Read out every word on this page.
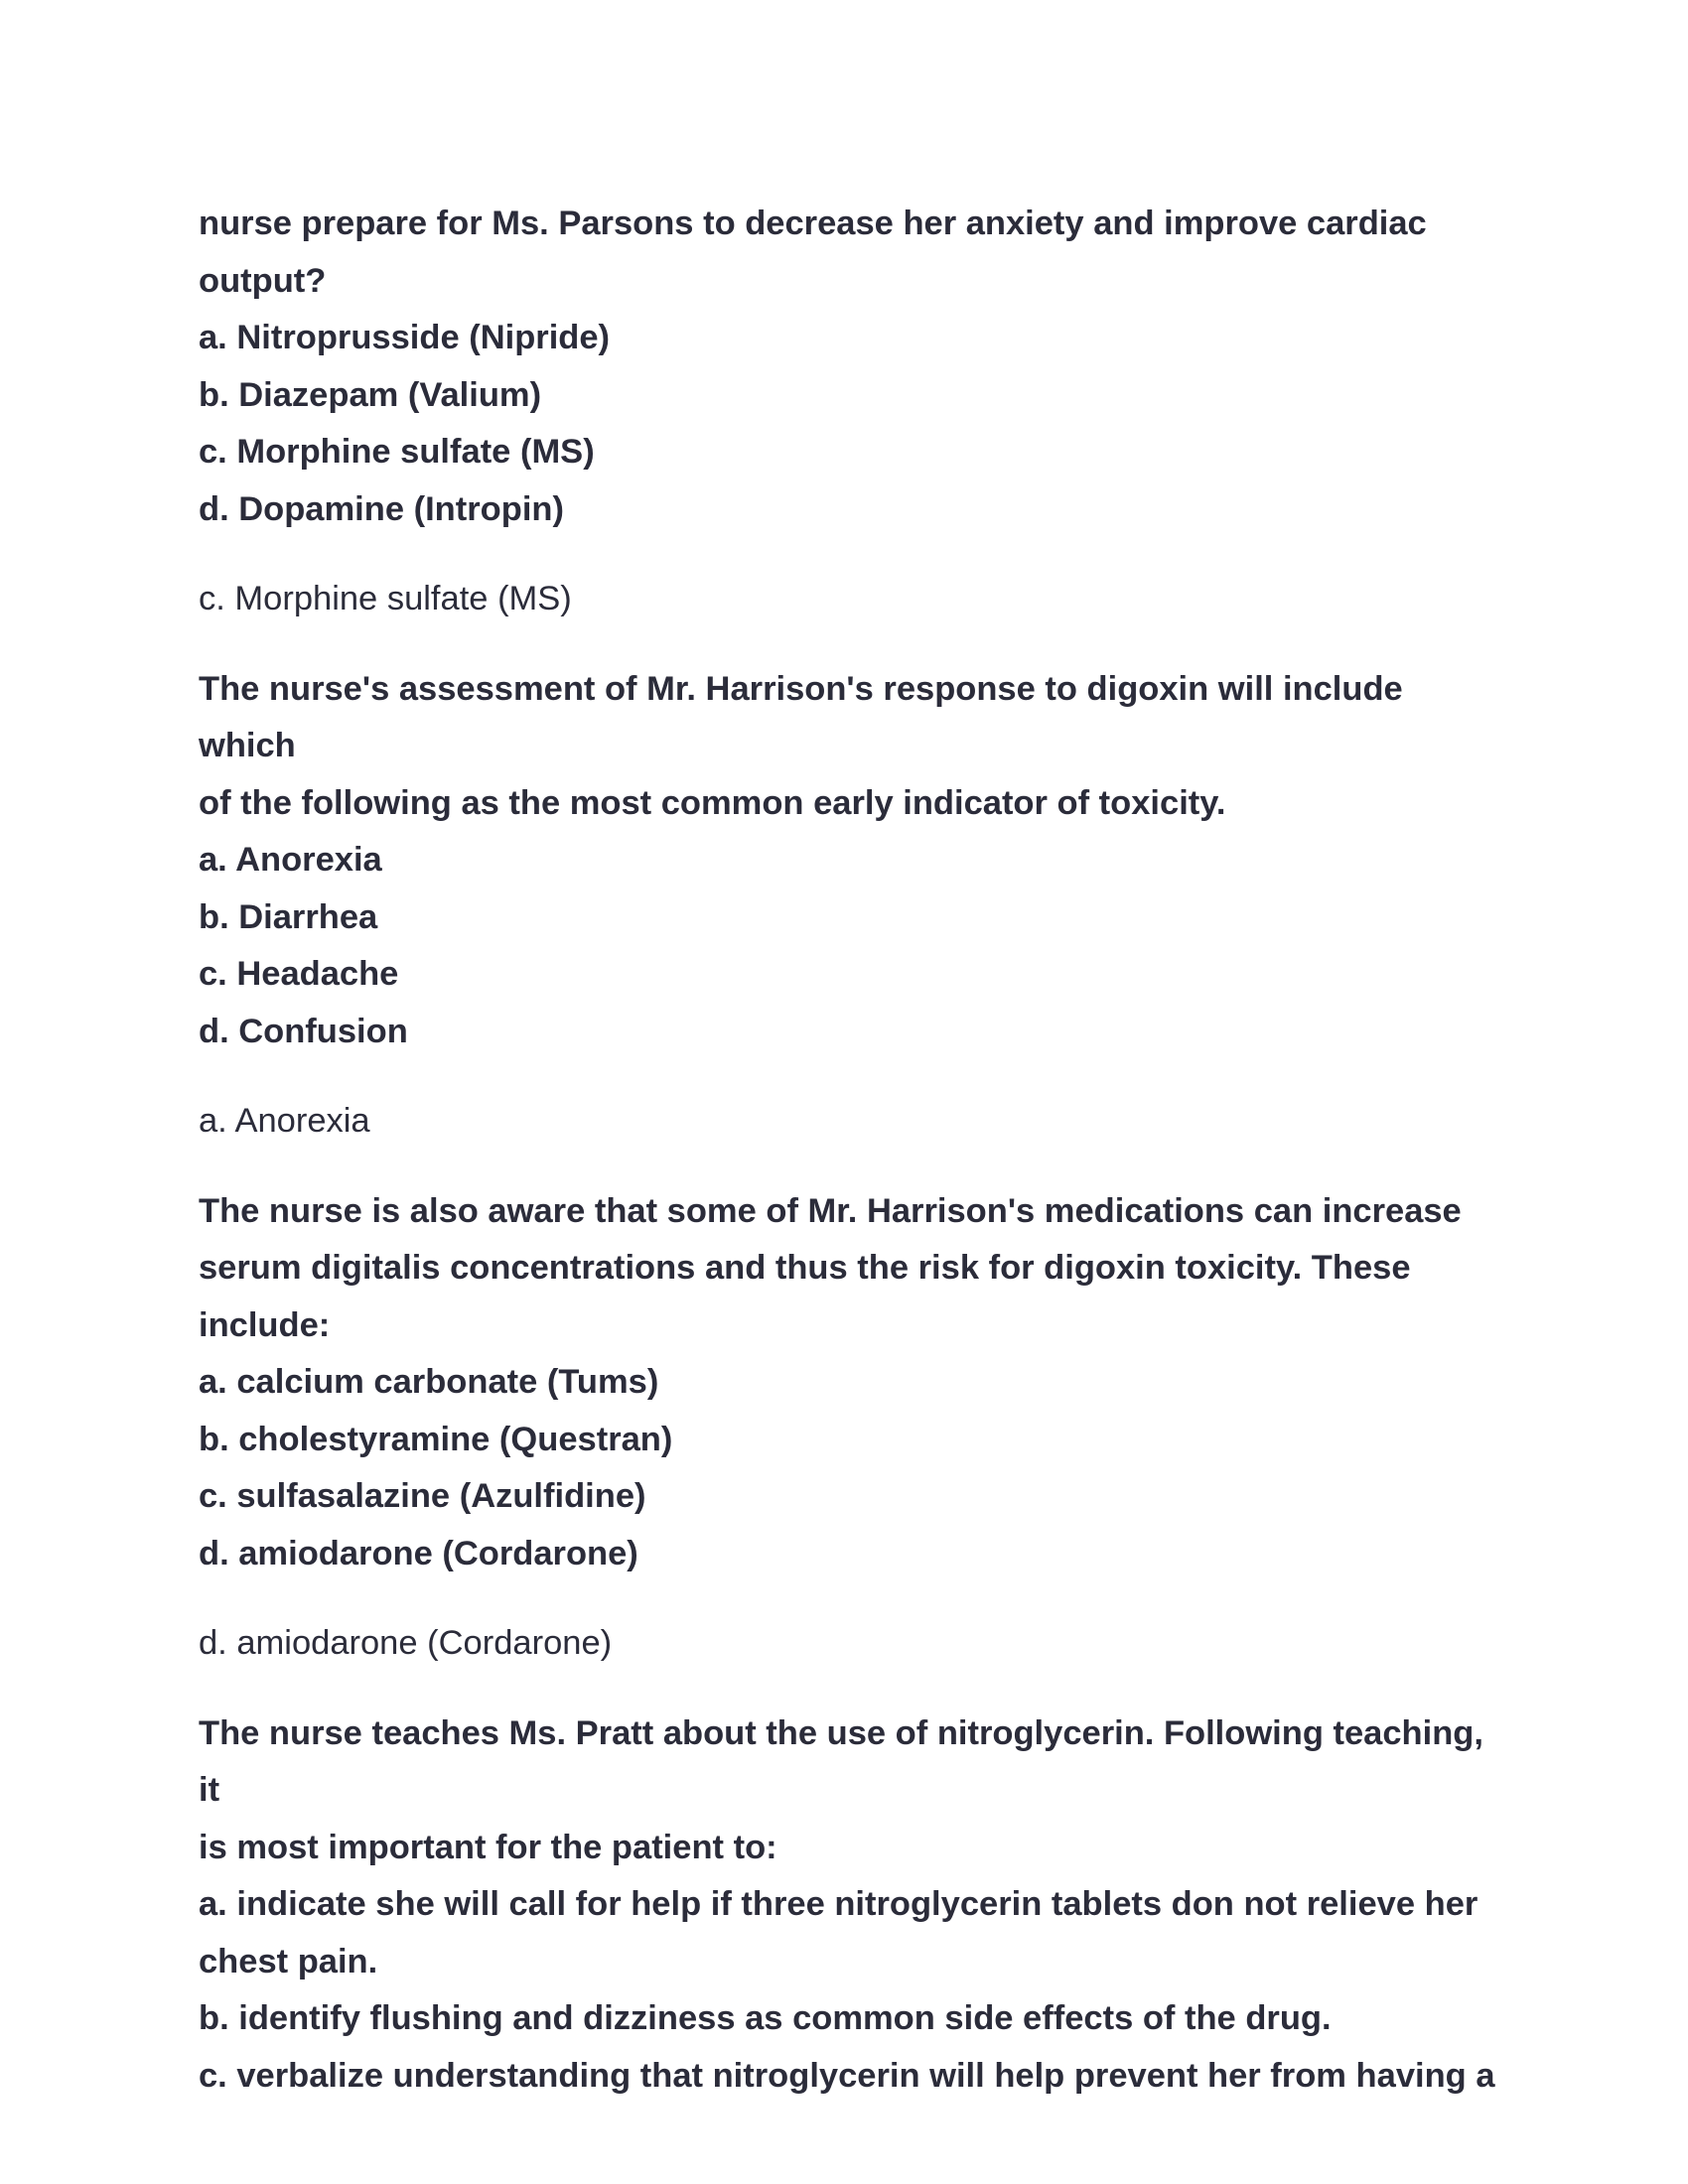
nurse prepare for Ms. Parsons to decrease her anxiety and improve cardiac

output?

a. Nitroprusside (Nipride)

b. Diazepam (Valium)

c. Morphine sulfate (MS)

d. Dopamine (Intropin)

c. Morphine sulfate (MS)

The nurse's assessment of Mr. Harrison's response to digoxin will include which

of the following as the most common early indicator of toxicity.

a. Anorexia

b. Diarrhea

c. Headache

d. Confusion

a. Anorexia

The nurse is also aware that some of Mr. Harrison's medications can increase

serum digitalis concentrations and thus the risk for digoxin toxicity. These

include:

a. calcium carbonate (Tums)

b. cholestyramine (Questran)

c. sulfasalazine (Azulfidine)

d. amiodarone (Cordarone)

d. amiodarone (Cordarone)

The nurse teaches Ms. Pratt about the use of nitroglycerin. Following teaching, it

is most important for the patient to:

a. indicate she will call for help if three nitroglycerin tablets don not relieve her

chest pain.

b. identify flushing and dizziness as common side effects of the drug.

c. verbalize understanding that nitroglycerin will help prevent her from having a
